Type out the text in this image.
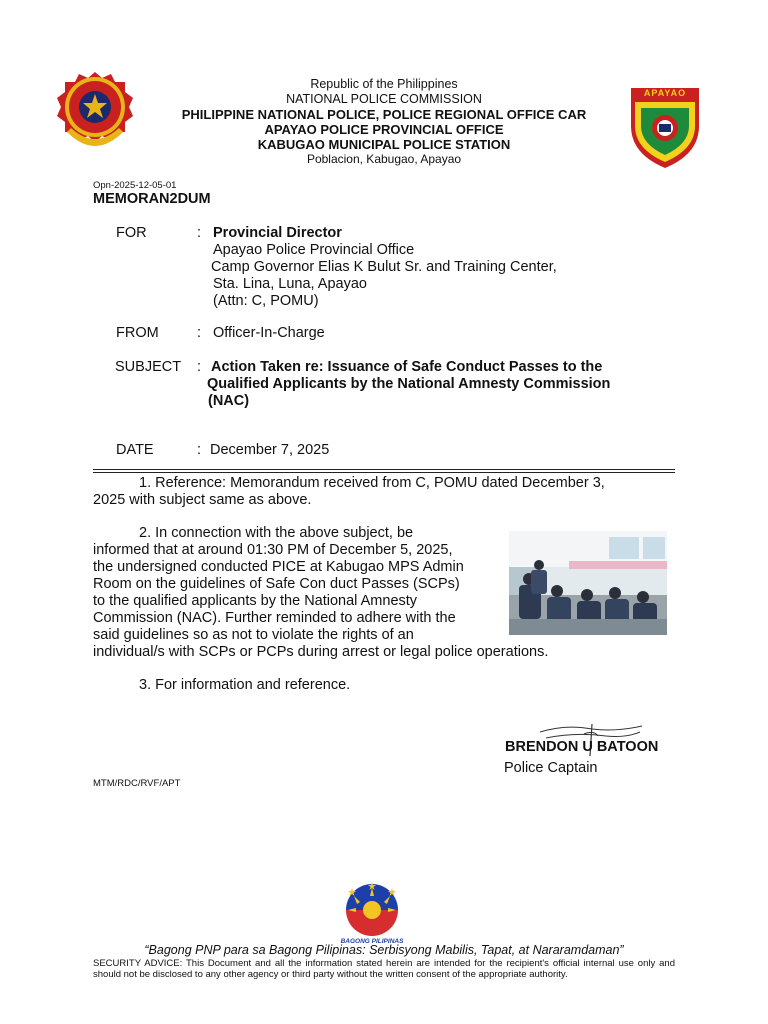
APAYAO
Republic of the Philippines
NATIONAL POLICE COMMISSION
PHILIPPINE NATIONAL POLICE, POLICE REGIONAL OFFICE CAR
APAYAO POLICE PROVINCIAL OFFICE
KABUGAO MUNICIPAL POLICE STATION
Poblacion, Kabugao, Apayao
Opn-2025-12-05-01
MEMORAN2DUM
FOR	: Provincial Director
Apayao Police Provincial Office
Camp Governor Elias K Bulut Sr. and Training Center,
Sta. Lina, Luna, Apayao
(Attn: C, POMU)
FROM	: Officer-In-Charge
SUBJECT : Action Taken re: Issuance of Safe Conduct Passes to the
Qualified Applicants by the National Amnesty Commission
(NAC)
DATE	: December 7, 2025
1. Reference: Memorandum received from C, POMU dated December 3,
2025 with subject same as above.
2. In connection with the above subject, be
informed that at around 01:30 PM of December 5, 2025,
the undersigned conducted PICE at Kabugao MPS Admin
Room on the guidelines of Safe Con duct Passes (SCPs)
to the qualified applicants by the National Amnesty
Commission (NAC). Further reminded to adhere with the
said guidelines so as not to violate the rights of an
individual/s with SCPs or PCPs during arrest or legal police operations.
3. For information and reference.
BRENDON U BATOON
Police Captain
MTM/RDC/RVF/APT
BAGONG PILIPINAS
“Bagong PNP para sa Bagong Pilipinas: Serbisyong Mabilis, Tapat, at Nararamdaman”
SECURITY ADVICE: This Document and all the information stated herein are intended for the recipient's official internal use only and should not be disclosed to any other agency or third party without the written consent of the appropriate authority.
